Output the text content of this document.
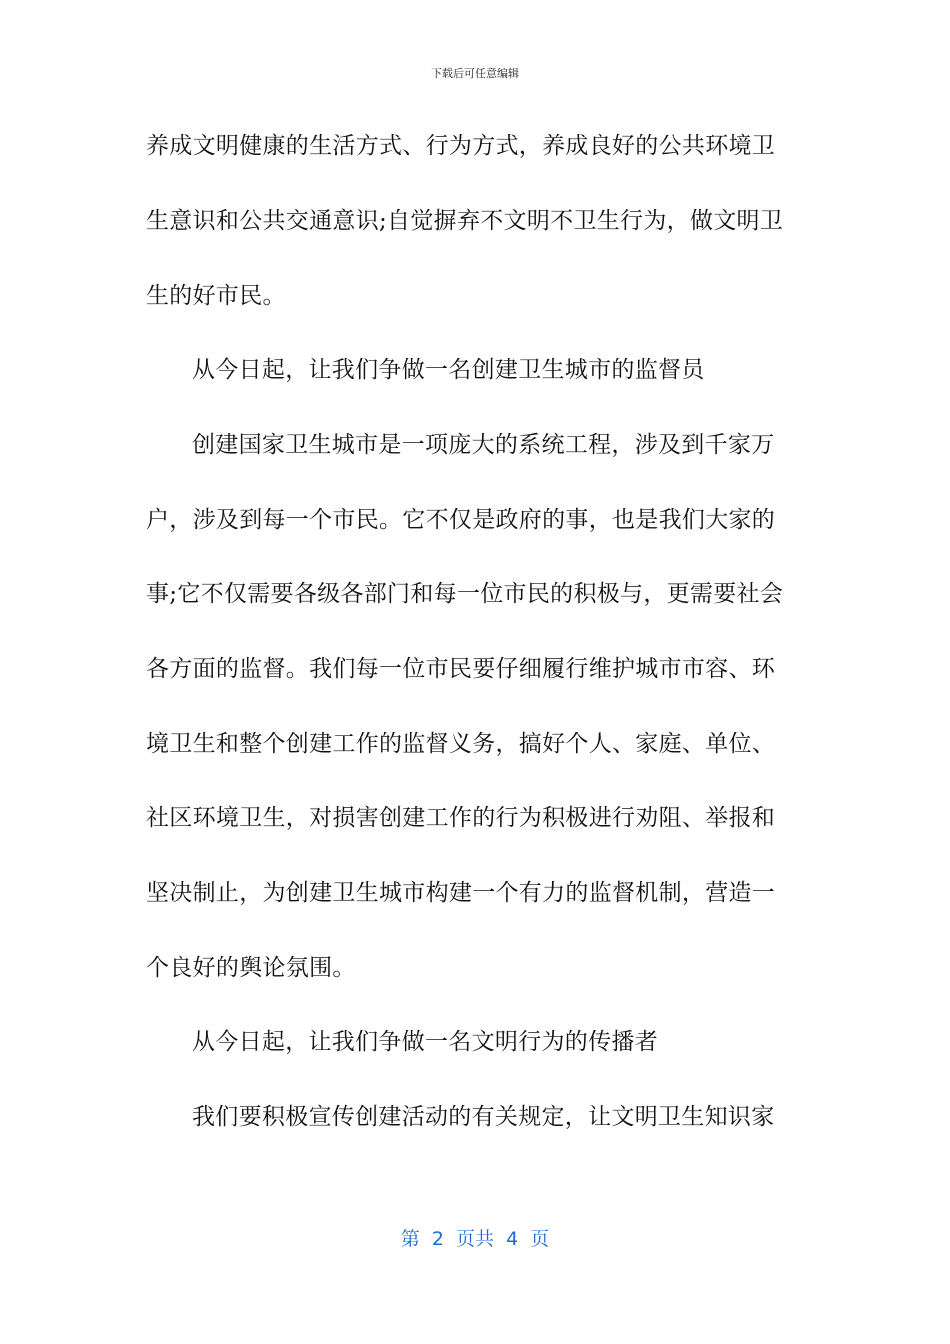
下载后可任意编辑
养成文明健康的生活方式、行为方式，养成良好的公共环境卫
生意识和公共交通意识;自觉摒弃不文明不卫生行为，做文明卫
生的好市民。
从今日起，让我们争做一名创建卫生城市的监督员
创建国家卫生城市是一项庞大的系统工程，涉及到千家万
户，涉及到每一个市民。它不仅是政府的事，也是我们大家的
事;它不仅需要各级各部门和每一位市民的积极与，更需要社会
各方面的监督。我们每一位市民要仔细履行维护城市市容、环
境卫生和整个创建工作的监督义务，搞好个人、家庭、单位、
社区环境卫生，对损害创建工作的行为积极进行劝阻、举报和
坚决制止，为创建卫生城市构建一个有力的监督机制，营造一
个良好的舆论氛围。
从今日起，让我们争做一名文明行为的传播者
我们要积极宣传创建活动的有关规定，让文明卫生知识家
第  2  页共  4  页
